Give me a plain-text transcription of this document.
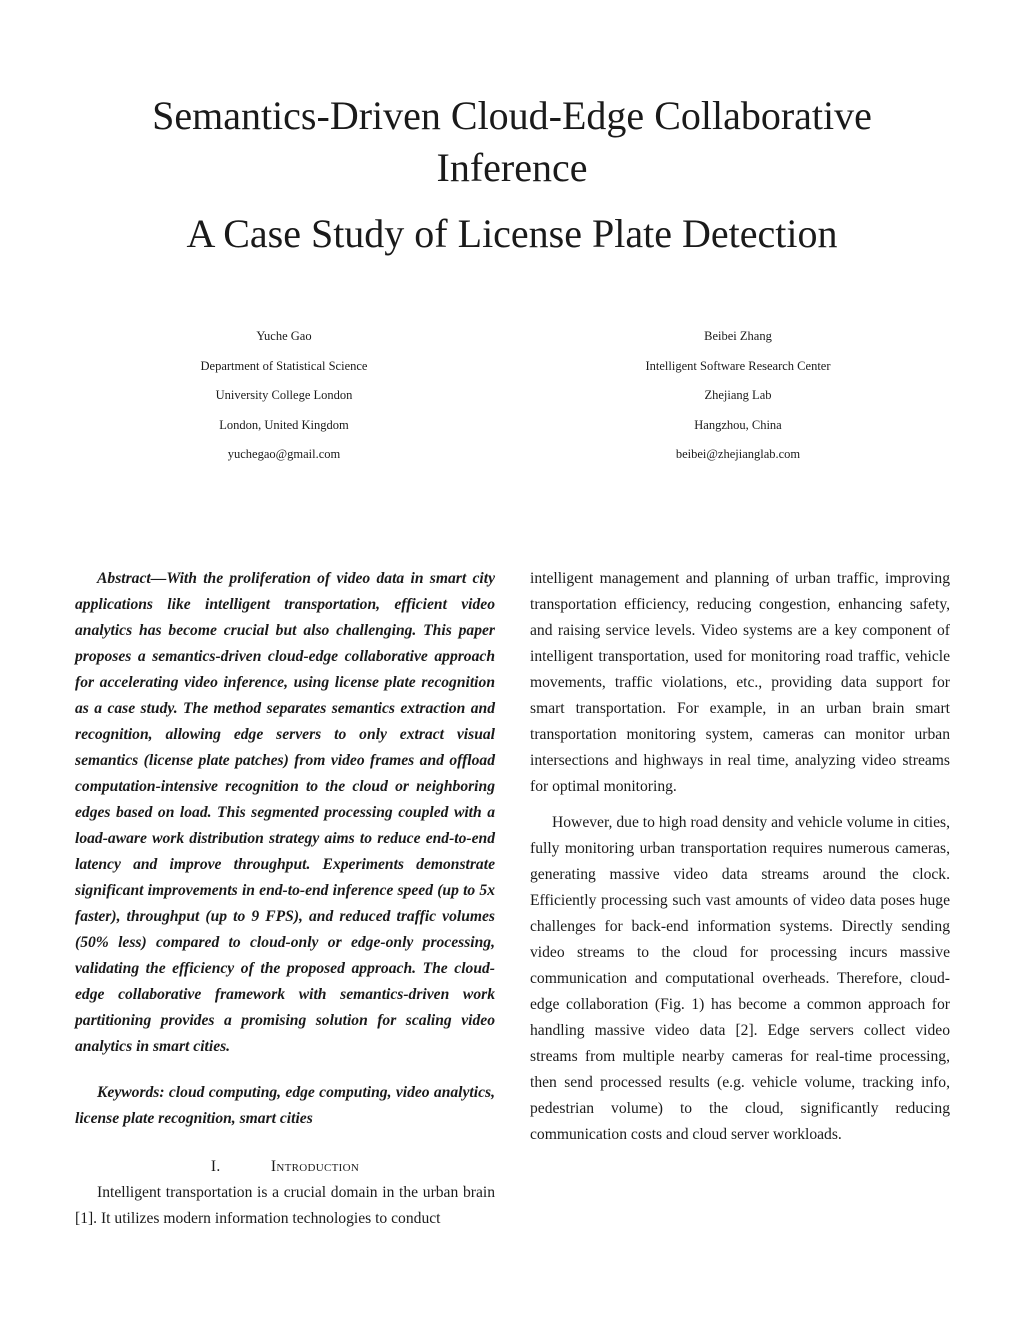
Semantics-Driven Cloud-Edge Collaborative
Inference
A Case Study of License Plate Detection
Yuche Gao
Department of Statistical Science
University College London
London, United Kingdom
yuchegao@gmail.com
Beibei Zhang
Intelligent Software Research Center
Zhejiang Lab
Hangzhou, China
beibei@zhejianglab.com
Abstract—With the proliferation of video data in smart city applications like intelligent transportation, efficient video analytics has become crucial but also challenging. This paper proposes a semantics-driven cloud-edge collaborative approach for accelerating video inference, using license plate recognition as a case study. The method separates semantics extraction and recognition, allowing edge servers to only extract visual semantics (license plate patches) from video frames and offload computation-intensive recognition to the cloud or neighboring edges based on load. This segmented processing coupled with a load-aware work distribution strategy aims to reduce end-to-end latency and improve throughput. Experiments demonstrate significant improvements in end-to-end inference speed (up to 5x faster), throughput (up to 9 FPS), and reduced traffic volumes (50% less) compared to cloud-only or edge-only processing, validating the efficiency of the proposed approach. The cloud-edge collaborative framework with semantics-driven work partitioning provides a promising solution for scaling video analytics in smart cities.
Keywords: cloud computing, edge computing, video analytics, license plate recognition, smart cities
I.	Introduction

Intelligent transportation is a crucial domain in the urban brain [1]. It utilizes modern information technologies to conduct

intelligent management and planning of urban traffic, improving transportation efficiency, reducing congestion, enhancing safety, and raising service levels. Video systems are a key component of intelligent transportation, used for monitoring road traffic, vehicle movements, traffic violations, etc., providing data support for smart transportation. For example, in an urban brain smart transportation monitoring system, cameras can monitor urban intersections and highways in real time, analyzing video streams for optimal monitoring.

However, due to high road density and vehicle volume in cities, fully monitoring urban transportation requires numerous cameras, generating massive video data streams around the clock. Efficiently processing such vast amounts of video data poses huge challenges for back-end information systems. Directly sending video streams to the cloud for processing incurs massive communication and computational overheads. Therefore, cloud-edge collaboration (Fig. 1) has become a common approach for handling massive video data [2]. Edge servers collect video streams from multiple nearby cameras for real-time processing, then send processed results (e.g. vehicle volume, tracking info, pedestrian volume) to the cloud, significantly reducing communication costs and cloud server workloads.
